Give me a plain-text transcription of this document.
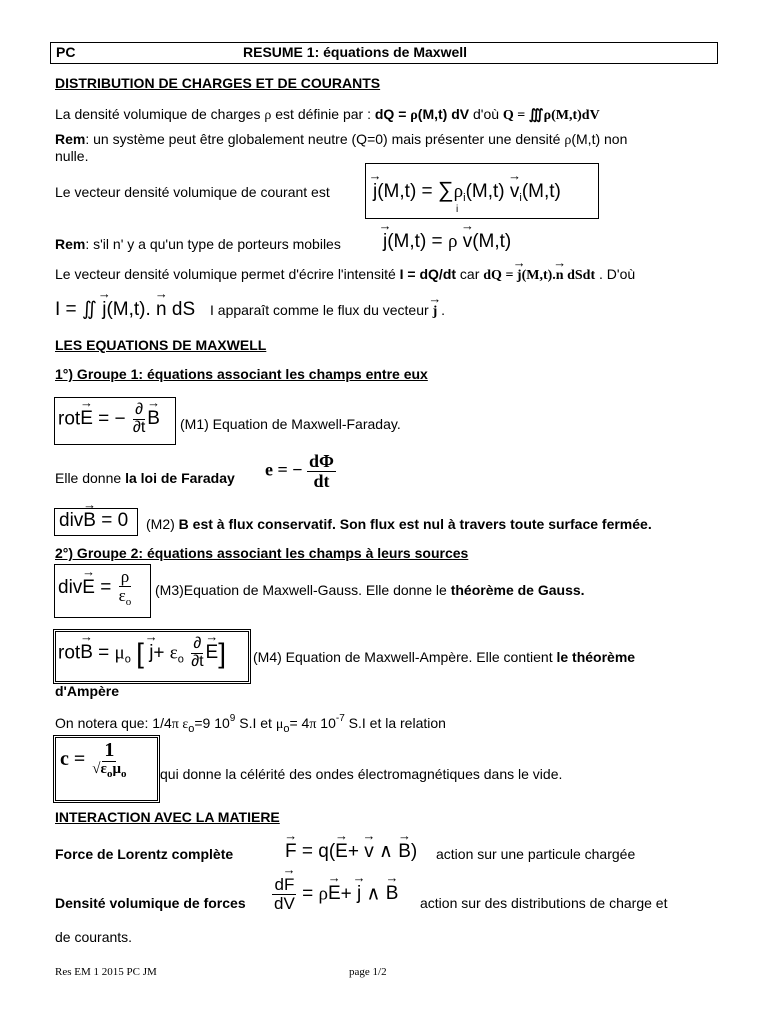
PC	RESUME 1: équations de Maxwell
DISTRIBUTION DE CHARGES ET DE COURANTS
La densité volumique de charges ρ est définie par : dQ = ρ(M,t) dV d'où Q = ∭ρ(M,t)dV
Rem: un système peut être globalement neutre (Q=0) mais présenter une densité ρ(M,t) non
nulle.
Le vecteur densité volumique de courant est
→ $j(M,t) = \sum\rho_i(M,t) \to v_i(M,t)$
i
Rem: s'il n' y a qu'un type de porteurs mobiles
→ j(M,t) = ρ → v(M,t)
Le vecteur densité volumique permet d'écrire l'intensité I = dQ/dt car dQ = → j(M,t).→ n dSdt . D'où
I = ∬ → j(M,t). → n dS I apparaît comme le flux du vecteur → j .
LES EQUATIONS DE MAXWELL
1°) Groupe 1: équations associant les champs entre eux
rot→ E = − $\frac{\partial}{\partial t}$
→ B (M1) Equation de Maxwell-Faraday.
Elle donne la loi de Faraday e = − $\frac{d\Phi}{dt}$
div→ B = 0 (M2) B est à flux conservatif. Son flux est nul à travers toute surface fermée.
2°) Groupe 2: équations associant les champs à leurs sources
$div\to E = \frac{\rho}{\varepsilon_o}$ (M3)Equation de Maxwell-Gauss. Elle donne le théorème de Gauss.
$rot\to B = \mu_o$ [ → $j+ \varepsilon_o \frac{\partial}{\partial t}$
→ E] (M4) Equation de Maxwell-Ampère. Elle contient le théorème
d'Ampère
On notera que: 1/4π $\varepsilon_o=9$ $10^9$ S.I et $\mu_o= 4\pi$ $10^{-7}$ S.I et la relation
$c = \frac{1}{√\varepsilon_o\mu_o}$ qui donne la célérité des ondes électromagnétiques dans le vide.
INTERACTION AVEC LA MATIERE
Force de Lorentz complète
→	F = q(→ E+ → v ∧ → B) action sur une particule chargée
Densité volumique de forces $\frac{d\to F}{dV} = \rho\to E+ \to j$ ∧ → B action sur des distributions de charge et
de courants.
Res EM 1 2015 PC JM	page 1/2
